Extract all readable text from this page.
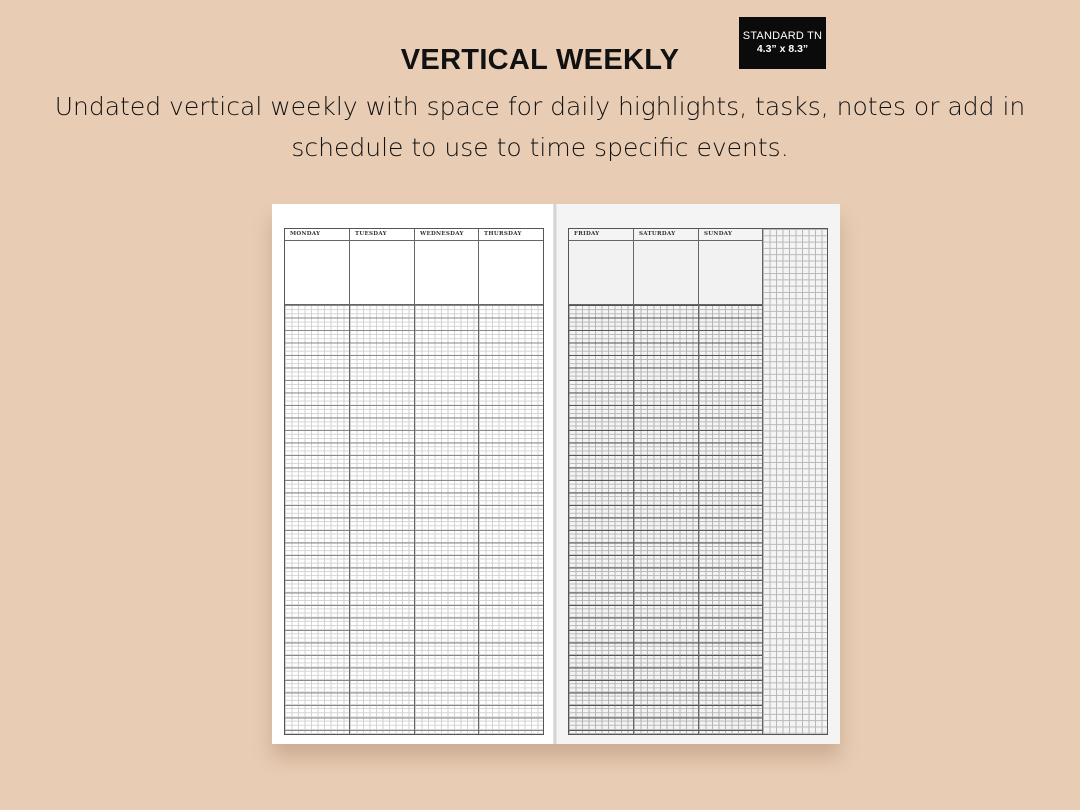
STANDARD TN
4.3” x 8.3”
VERTICAL WEEKLY
Undated vertical weekly with space for daily highlights, tasks, notes or add in schedule to use to time specific events.
MONDAY	TUESDAY	WEDNESDAY	THURSDAY	FRIDAY	SATURDAY	SUNDAY
